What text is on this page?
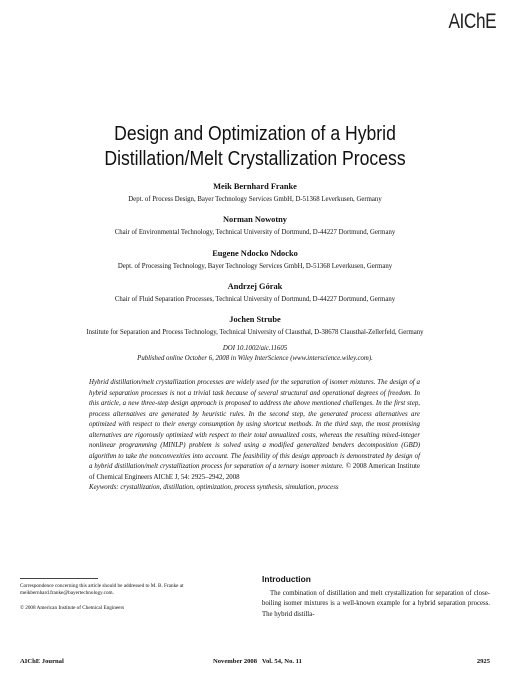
AIChE
Design and Optimization of a Hybrid
Distillation/Melt Crystallization Process
Meik Bernhard Franke
Dept. of Process Design, Bayer Technology Services GmbH, D-51368 Leverkusen, Germany
Norman Nowotny
Chair of Environmental Technology, Technical University of Dortmund, D-44227 Dortmund, Germany
Eugene Ndocko Ndocko
Dept. of Processing Technology, Bayer Technology Services GmbH, D-51368 Leverkusen, Germany
Andrzej Górak
Chair of Fluid Separation Processes, Technical University of Dortmund, D-44227 Dortmund, Germany
Jochen Strube
Institute for Separation and Process Technology, Technical University of Clausthal, D-38678 Clausthal-Zellerfeld, Germany
DOI 10.1002/aic.11605
Published online October 6, 2008 in Wiley InterScience (www.interscience.wiley.com).
Hybrid distillation/melt crystallization processes are widely used for the separation of isomer mixtures. The design of a hybrid separation processes is not a trivial task because of several structural and operational degrees of freedom. In this article, a new three-step design approach is proposed to address the above mentioned challenges. In the first step, process alternatives are generated by heuristic rules. In the second step, the generated process alternatives are optimized with respect to their energy consumption by using shortcut methods. In the third step, the most promising alternatives are rigorously optimized with respect to their total annualized costs, whereas the resulting mixed-integer nonlinear programming (MINLP) problem is solved using a modified generalized benders decomposition (GBD) algorithm to take the nonconvexities into account. The feasibility of this design approach is demonstrated by design of a hybrid distillation/melt crystallization process for separation of a ternary isomer mixture. © 2008 American Institute of Chemical Engineers AIChE J, 54: 2925–2942, 2008
Keywords: crystallization, distillation, optimization, process synthesis, simulation, process
Correspondence concerning this article should be addressed to M. B. Franke at meikbernhard.franke@bayertechnology.com.
© 2008 American Institute of Chemical Engineers
Introduction
The combination of distillation and melt crystallization for separation of close-boiling isomer mixtures is a well-known example for a hybrid separation process. The hybrid distilla-
AIChE Journal	November 2008   Vol. 54, No. 11	2925
